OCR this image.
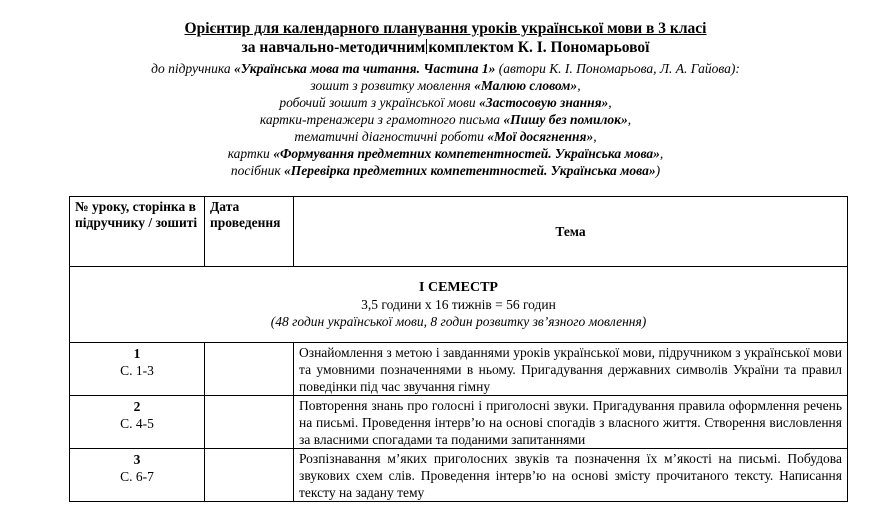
Орієнтир для календарного планування уроків української мови в 3 класі
за навчально-методичним комплектом К. І. Пономарьової
до підручника «Українська мова та читання. Частина 1» (автори К. І. Пономарьова, Л. А. Гайова):
зошит з розвитку мовлення «Малюю словом»,
робочий зошит з української мови «Застосовую знання»,
картки-тренажери з грамотного письма «Пишу без помилок»,
тематичні діагностичні роботи «Мої досягнення»,
картки «Формування предметних компетентностей. Українська мова»,
посібник «Перевірка предметних компетентностей. Українська мова»)
№ уроку, сторінка в підручнику / зошиті	Дата проведення	Тема

І СЕМЕСТР
3,5 години х 16 тижнів = 56 годин
(48 годин української мови, 8 годин розвитку зв’язного мовлення)		

1
С. 1-3		Ознайомлення з метою і завданнями уроків української мови, підручником з української мови та умовними позначеннями в ньому. Пригадування державних символів України та правил поведінки під час звучання гімну

2
С. 4-5		Повторення знань про голосні і приголосні звуки. Пригадування правила оформлення речень на письмі. Проведення інтерв’ю на основі спогадів з власного життя. Створення висловлення за власними спогадами та поданими запитаннями

3
С. 6-7		Розпізнавання м’яких приголосних звуків та позначення їх м’якості на письмі. Побудова звукових схем слів. Проведення інтерв’ю на основі змісту прочитаного тексту. Написання тексту на задану тему
